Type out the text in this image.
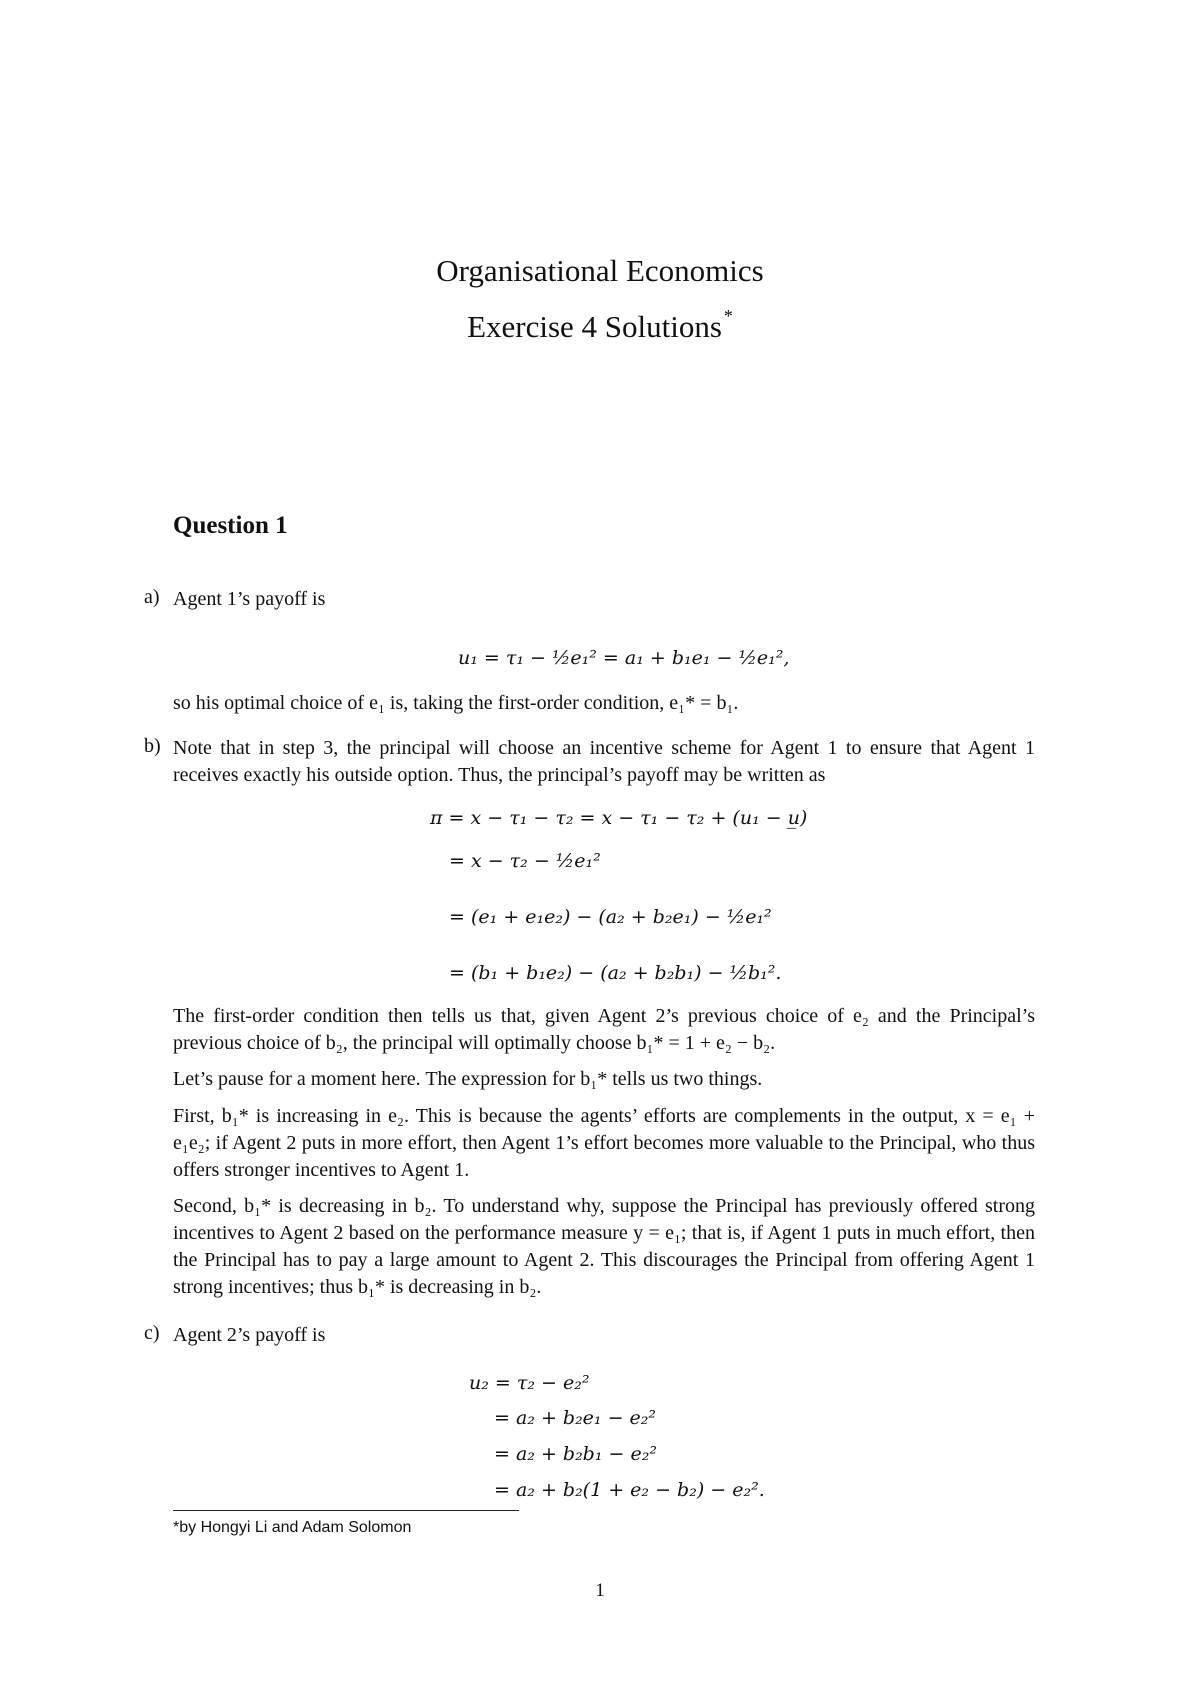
Organisational Economics
Exercise 4 Solutions *
Question 1
a) Agent 1’s payoff is
u₁ = τ₁ − ½e₁² = a₁ + b₁e₁ − ½e₁²,
so his optimal choice of e₁ is, taking the first-order condition, e₁* = b₁.
b) Note that in step 3, the principal will choose an incentive scheme for Agent 1 to ensure that Agent 1 receives exactly his outside option. Thus, the principal’s payoff may be written as
π = x − τ₁ − τ₂ = x − τ₁ − τ₂ + (u₁ − u̲)
= x − τ₂ − ½e₁²
= (e₁ + e₁e₂) − (a₂ + b₂e₁) − ½e₁²
= (b₁ + b₁e₂) − (a₂ + b₂b₁) − ½b₁².
The first-order condition then tells us that, given Agent 2’s previous choice of e₂ and the Principal’s previous choice of b₂, the principal will optimally choose b₁* = 1 + e₂ − b₂.
Let’s pause for a moment here. The expression for b₁* tells us two things.
First, b₁* is increasing in e₂. This is because the agents’ efforts are complements in the output, x = e₁ + e₁e₂; if Agent 2 puts in more effort, then Agent 1’s effort becomes more valuable to the Principal, who thus offers stronger incentives to Agent 1.
Second, b₁* is decreasing in b₂. To understand why, suppose the Principal has previously offered strong incentives to Agent 2 based on the performance measure y = e₁; that is, if Agent 1 puts in much effort, then the Principal has to pay a large amount to Agent 2. This discourages the Principal from offering Agent 1 strong incentives; thus b₁* is decreasing in b₂.
c) Agent 2’s payoff is
u₂ = τ₂ − e₂²
= a₂ + b₂e₁ − e₂²
= a₂ + b₂b₁ − e₂²
= a₂ + b₂(1 + e₂ − b₂) − e₂².
*by Hongyi Li and Adam Solomon
1
